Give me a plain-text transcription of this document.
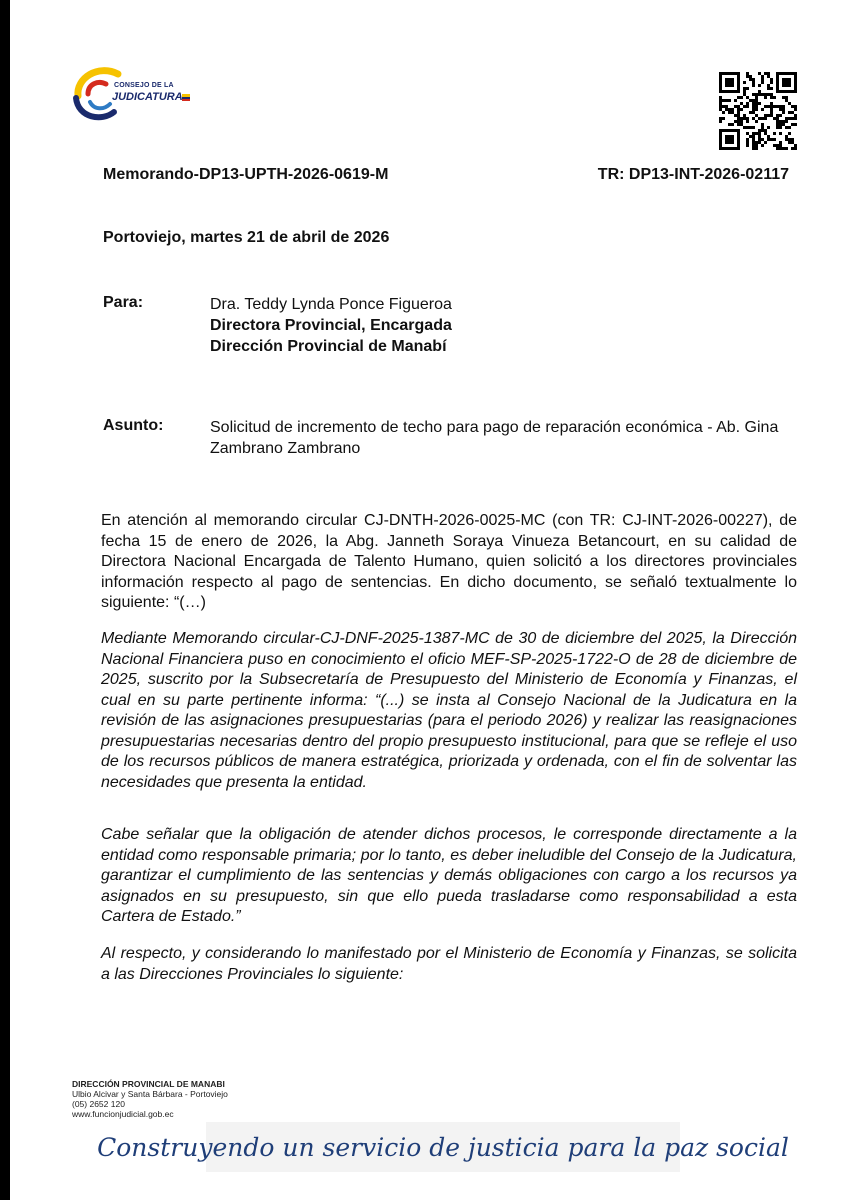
CONSEJO DE LA
JUDICATURA
Memorando-DP13-UPTH-2026-0619-M	TR: DP13-INT-2026-02117
Portoviejo, martes 21 de abril de 2026
Para:	Dra. Teddy Lynda Ponce Figueroa
Directora Provincial, Encargada
Dirección Provincial de Manabí
Asunto:	Solicitud de incremento de techo para pago de reparación económica - Ab. Gina Zambrano Zambrano
En atención al memorando circular CJ-DNTH-2026-0025-MC (con TR: CJ-INT-2026-00227), de fecha 15 de enero de 2026, la Abg. Janneth Soraya Vinueza Betancourt, en su calidad de Directora Nacional Encargada de Talento Humano, quien solicitó a los directores provinciales información respecto al pago de sentencias. En dicho documento, se señaló textualmente lo siguiente: “(…)
Mediante Memorando circular-CJ-DNF-2025-1387-MC de 30 de diciembre del 2025, la Dirección Nacional Financiera puso en conocimiento el oficio MEF-SP-2025-1722-O de 28 de diciembre de 2025, suscrito por la Subsecretaría de Presupuesto del Ministerio de Economía y Finanzas, el cual en su parte pertinente informa: “(...) se insta al Consejo Nacional de la Judicatura en la revisión de las asignaciones presupuestarias (para el periodo 2026) y realizar las reasignaciones presupuestarias necesarias dentro del propio presupuesto institucional, para que se refleje el uso de los recursos públicos de manera estratégica, priorizada y ordenada, con el fin de solventar las necesidades que presenta la entidad.
Cabe señalar que la obligación de atender dichos procesos, le corresponde directamente a la entidad como responsable primaria; por lo tanto, es deber ineludible del Consejo de la Judicatura, garantizar el cumplimiento de las sentencias y demás obligaciones con cargo a los recursos ya asignados en su presupuesto, sin que ello pueda trasladarse como responsabilidad a esta Cartera de Estado.”
Al respecto, y considerando lo manifestado por el Ministerio de Economía y Finanzas, se solicita a las Direcciones Provinciales lo siguiente:
DIRECCIÓN PROVINCIAL DE MANABI
Ulbio Alcivar y Santa Bárbara - Portoviejo
(05) 2652 120
www.funcionjudicial.gob.ec
Construyendo un servicio de justicia para la paz social
